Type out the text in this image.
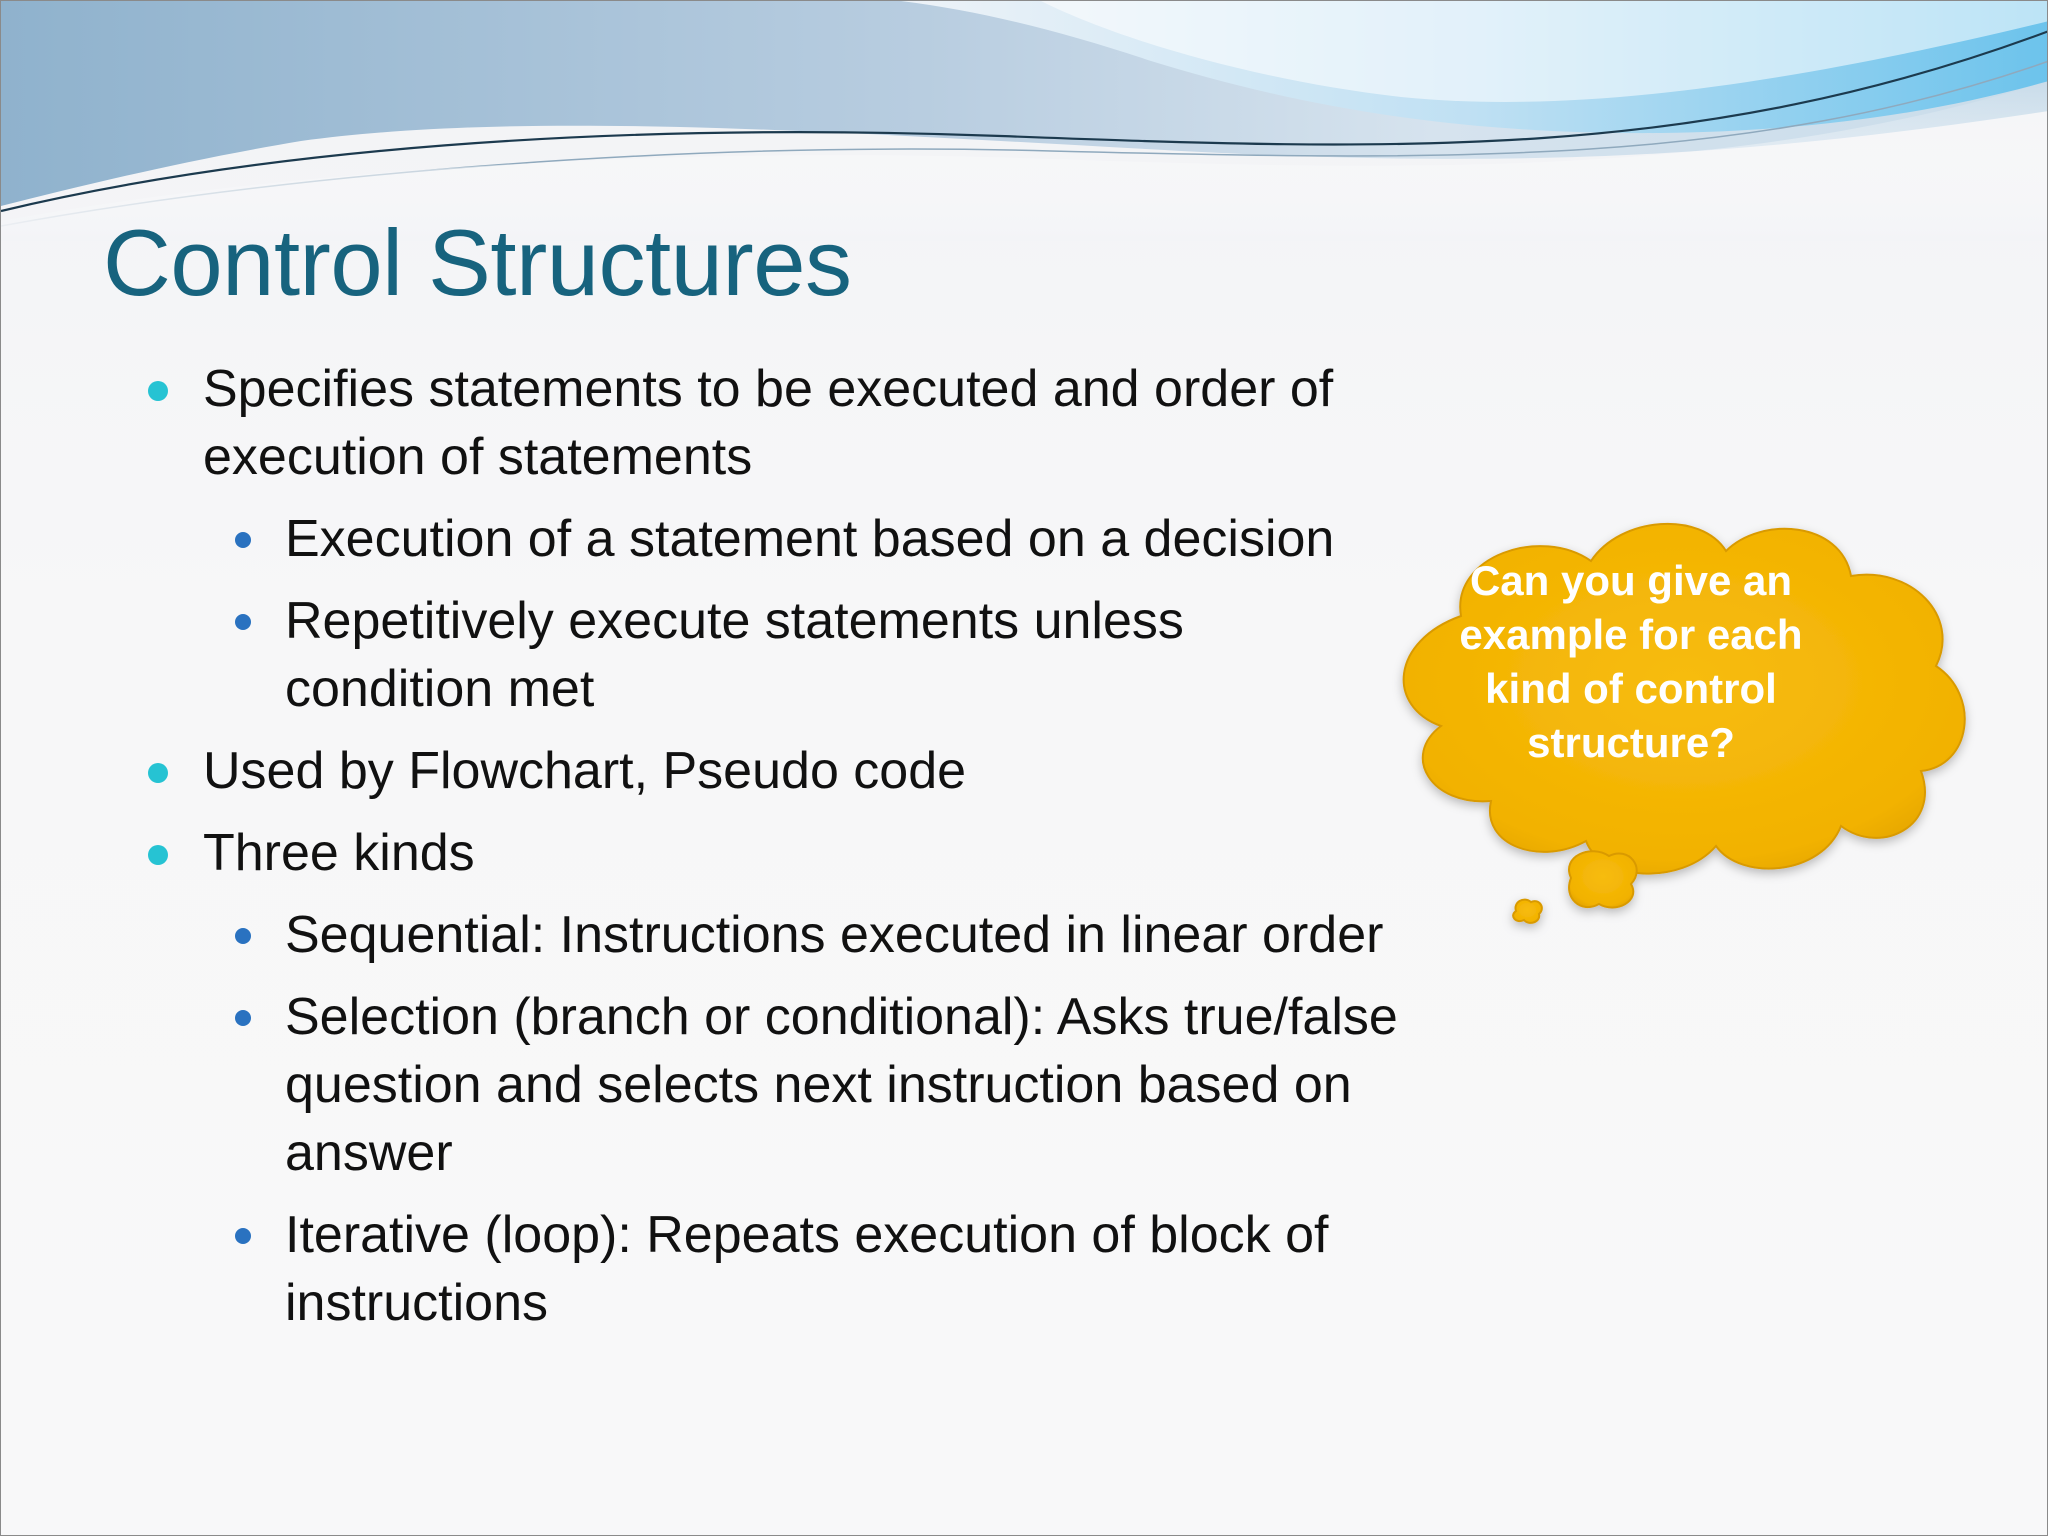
Control Structures
Specifies statements to be executed and order of execution of statements
Execution of a statement based on a decision
Repetitively execute statements unless condition met
Used by Flowchart, Pseudo code
Three kinds
Sequential: Instructions executed in linear order
Selection (branch or conditional): Asks true/false question and selects next instruction based on answer
Iterative (loop): Repeats execution of block of instructions
Can you give an example for each kind of control structure?
